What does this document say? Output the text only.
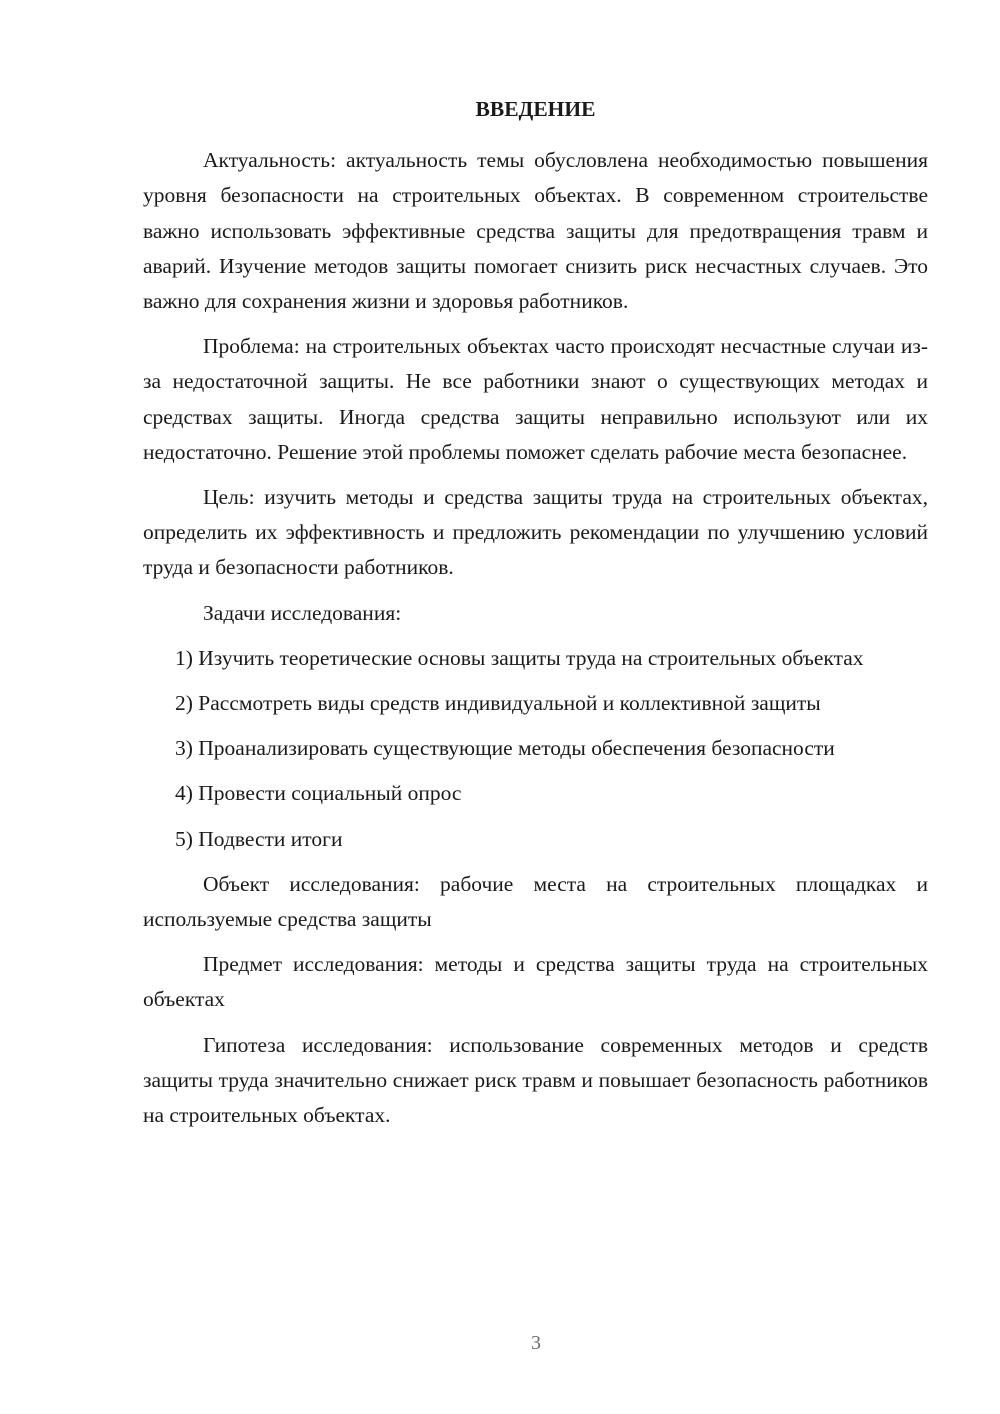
ВВЕДЕНИЕ

Актуальность: актуальность темы обусловлена необходимостью повышения уровня безопасности на строительных объектах. В современном строительстве важно использовать эффективные средства защиты для предотвращения травм и аварий. Изучение методов защиты помогает снизить риск несчастных случаев. Это важно для сохранения жизни и здоровья работников.

Проблема: на строительных объектах часто происходят несчастные случаи из-за недостаточной защиты. Не все работники знают о существующих методах и средствах защиты. Иногда средства защиты неправильно используют или их недостаточно. Решение этой проблемы поможет сделать рабочие места безопаснее.

Цель: изучить методы и средства защиты труда на строительных объектах, определить их эффективность и предложить рекомендации по улучшению условий труда и безопасности работников.

Задачи исследования:

1) Изучить теоретические основы защиты труда на строительных объектах

2) Рассмотреть виды средств индивидуальной и коллективной защиты

3) Проанализировать существующие методы обеспечения безопасности

4) Провести социальный опрос

5) Подвести итоги

Объект исследования: рабочие места на строительных площадках и используемые средства защиты

Предмет исследования: методы и средства защиты труда на строительных объектах

Гипотеза исследования: использование современных методов и средств защиты труда значительно снижает риск травм и повышает безопасность работников на строительных объектах.

3
